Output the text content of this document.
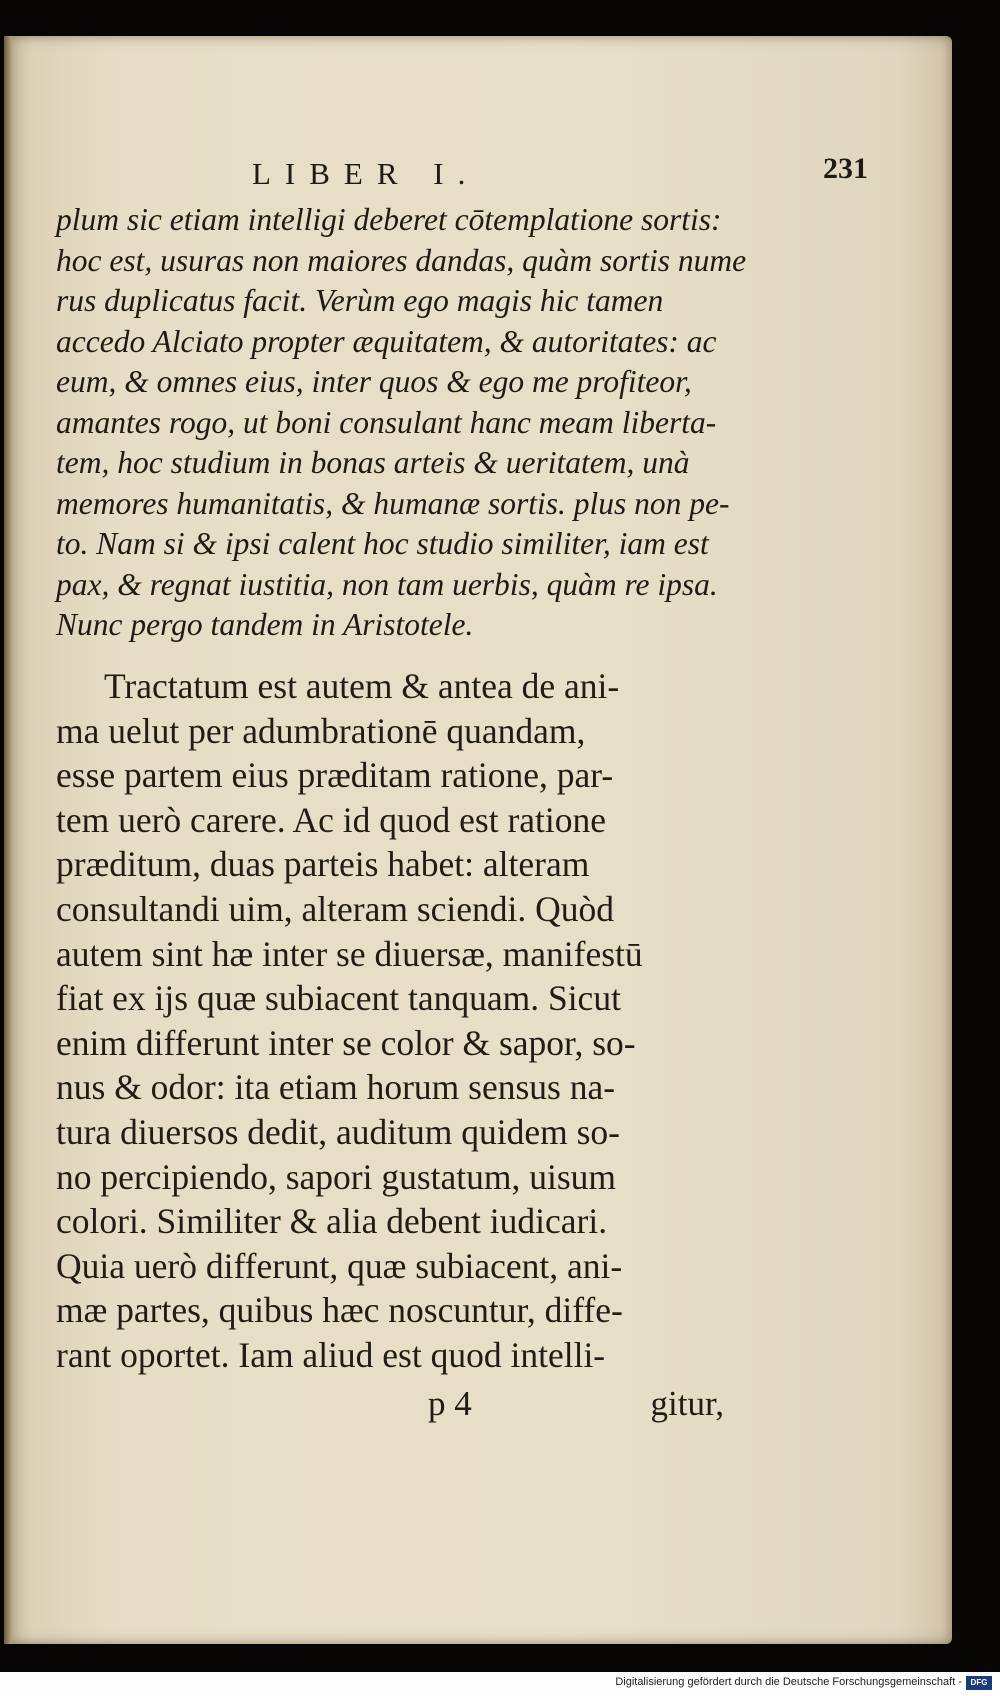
LIBER I.	231
plum sic etiam intelligi deberet cōtemplatione sortis:
hoc est, usuras non maiores dandas, quàm sortis nume
rus duplicatus facit. Verùm ego magis hic tamen
accedo Alciato propter æquitatem, & autoritates: ac
eum, & omnes eius, inter quos & ego me profiteor,
amantes rogo, ut boni consulant hanc meam liberta-
tem, hoc studium in bonas arteis & ueritatem, unà
memores humanitatis, & humanæ sortis. plus non pe-
to. Nam si & ipsi calent hoc studio similiter, iam est
pax, & regnat iustitia, non tam uerbis, quàm re ipsa.
Nunc pergo tandem in Aristotele.
Tractatum est autem & antea de ani-
ma uelut per adumbrationē quandam,
esse partem eius præditam ratione, par-
tem uerò carere. Ac id quod est ratione
præditum, duas parteis habet: alteram
consultandi uim, alteram sciendi. Quòd
autem sint hæ inter se diuersæ, manifestū
fiat ex ijs quæ subiacent tanquam. Sicut
enim differunt inter se color & sapor, so-
nus & odor: ita etiam horum sensus na-
tura diuersos dedit, auditum quidem so-
no percipiendo, sapori gustatum, uisum
colori. Similiter & alia debent iudicari.
Quia uerò differunt, quæ subiacent, ani-
mæ partes, quibus hæc noscuntur, diffe-
rant oportet. Iam aliud est quod intelli-
p 4	gitur,
Digitalisierung gefördert durch die Deutsche Forschungsgemeinschaft -	DFG
